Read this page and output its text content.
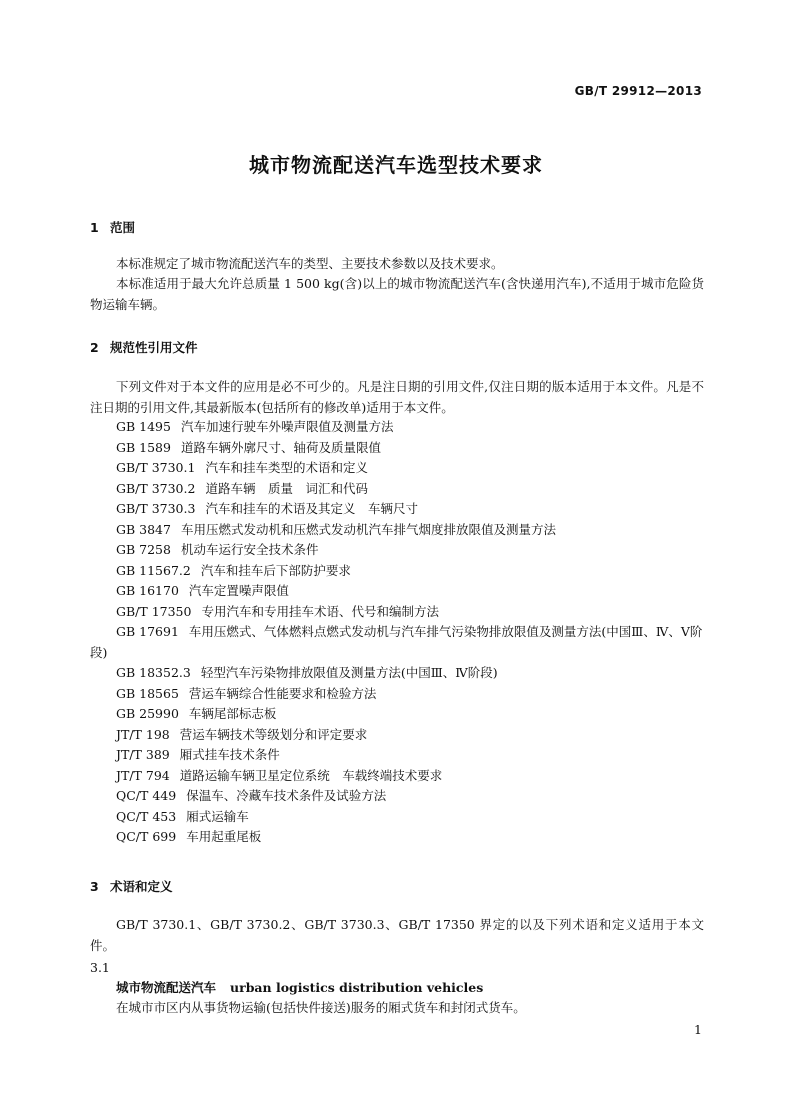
GB/T 29912—2013
城市物流配送汽车选型技术要求
1 范围
本标准规定了城市物流配送汽车的类型、主要技术参数以及技术要求。
本标准适用于最大允许总质量 1 500 kg(含)以上的城市物流配送汽车(含快递用汽车),不适用于城市危险货物运输车辆。
2 规范性引用文件
下列文件对于本文件的应用是必不可少的。凡是注日期的引用文件,仅注日期的版本适用于本文件。凡是不注日期的引用文件,其最新版本(包括所有的修改单)适用于本文件。
GB 1495 汽车加速行驶车外噪声限值及测量方法
GB 1589 道路车辆外廓尺寸、轴荷及质量限值
GB/T 3730.1 汽车和挂车类型的术语和定义
GB/T 3730.2 道路车辆　质量　词汇和代码
GB/T 3730.3 汽车和挂车的术语及其定义　车辆尺寸
GB 3847 车用压燃式发动机和压燃式发动机汽车排气烟度排放限值及测量方法
GB 7258 机动车运行安全技术条件
GB 11567.2 汽车和挂车后下部防护要求
GB 16170 汽车定置噪声限值
GB/T 17350 专用汽车和专用挂车术语、代号和编制方法
GB 17691 车用压燃式、气体燃料点燃式发动机与汽车排气污染物排放限值及测量方法(中国Ⅲ、Ⅳ、Ⅴ阶段)
GB 18352.3 轻型汽车污染物排放限值及测量方法(中国Ⅲ、Ⅳ阶段)
GB 18565 营运车辆综合性能要求和检验方法
GB 25990 车辆尾部标志板
JT/T 198 营运车辆技术等级划分和评定要求
JT/T 389 厢式挂车技术条件
JT/T 794 道路运输车辆卫星定位系统　车载终端技术要求
QC/T 449 保温车、冷藏车技术条件及试验方法
QC/T 453 厢式运输车
QC/T 699 车用起重尾板
3 术语和定义
GB/T 3730.1、GB/T 3730.2、GB/T 3730.3、GB/T 17350 界定的以及下列术语和定义适用于本文件。
3.1
城市物流配送汽车 urban logistics distribution vehicles
在城市市区内从事货物运输(包括快件接送)服务的厢式货车和封闭式货车。
1
